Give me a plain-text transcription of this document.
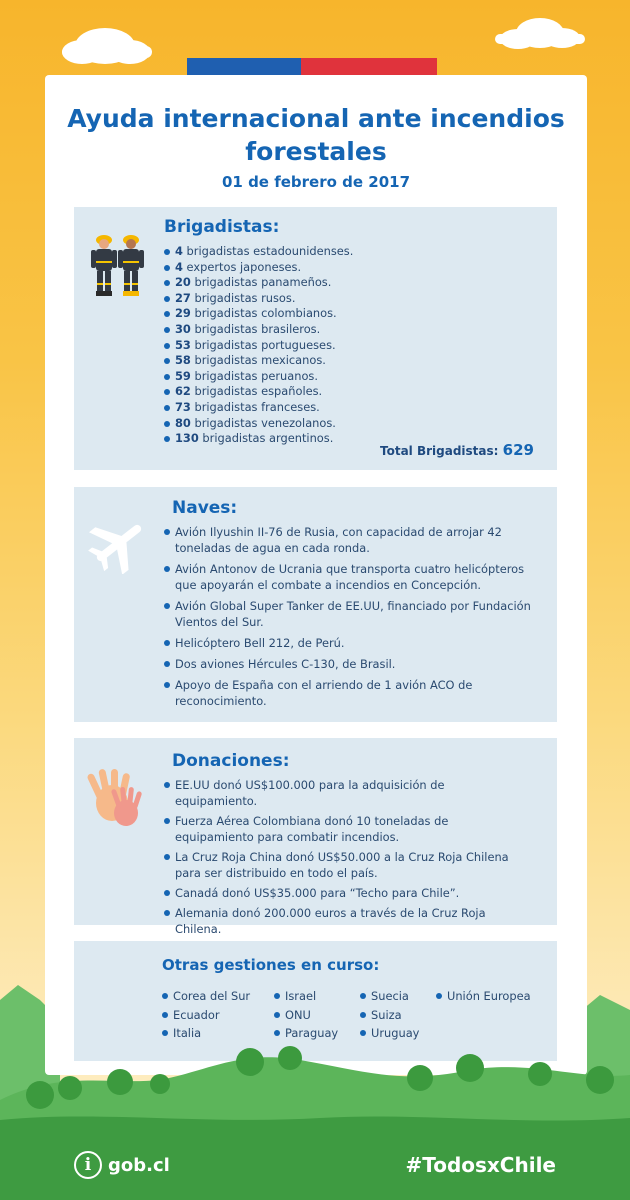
Ayuda internacional ante incendios forestales
01 de febrero de 2017
Brigadistas:
4 brigadistas estadounidenses.
4 expertos japoneses.
20 brigadistas panameños.
27 brigadistas rusos.
29 brigadistas colombianos.
30 brigadistas brasileros.
53 brigadistas portugueses.
58 brigadistas mexicanos.
59 brigadistas peruanos.
62 brigadistas españoles.
73 brigadistas franceses.
80 brigadistas venezolanos.
130 brigadistas argentinos.
Total Brigadistas: 629
Naves:
Avión Ilyushin II-76 de Rusia, con capacidad de arrojar 42 toneladas de agua en cada ronda.
Avión Antonov de Ucrania que transporta cuatro helicópteros que apoyarán el combate a incendios en Concepción.
Avión Global Super Tanker de EE.UU, financiado por Fundación Vientos del Sur.
Helicóptero Bell 212, de Perú.
Dos aviones Hércules C-130, de Brasil.
Apoyo de España con el arriendo de 1 avión ACO de reconocimiento.
Donaciones:
EE.UU donó US$100.000 para la adquisición de equipamiento.
Fuerza Aérea Colombiana donó 10 toneladas de equipamiento para combatir incendios.
La Cruz Roja China donó US$50.000 a la Cruz Roja Chilena para ser distribuido en todo el país.
Canadá donó US$35.000 para “Techo para Chile”.
Alemania donó 200.000 euros a través de la Cruz Roja Chilena.
Otras gestiones en curso:
Corea del Sur
Ecuador
Italia
Israel
ONU
Paraguay
Suecia
Suiza
Uruguay
Unión Europea
i gob.cl	#TodosxChile
